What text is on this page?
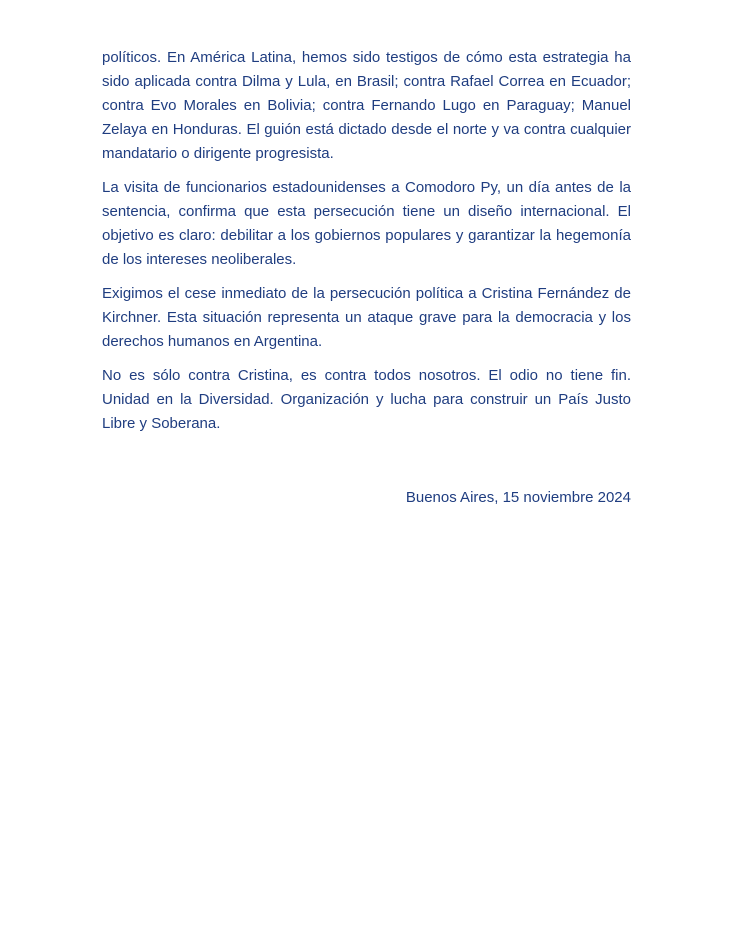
políticos. En América Latina, hemos sido testigos de cómo esta estrategia ha sido aplicada contra Dilma y Lula, en Brasil; contra Rafael Correa en Ecuador; contra Evo Morales en Bolivia; contra Fernando Lugo en Paraguay; Manuel Zelaya en Honduras. El guión está dictado desde el norte y va contra cualquier mandatario o dirigente progresista.

La visita de funcionarios estadounidenses a Comodoro Py, un día antes de la sentencia, confirma que esta persecución tiene un diseño internacional. El objetivo es claro: debilitar a los gobiernos populares y garantizar la hegemonía de los intereses neoliberales.

Exigimos el cese inmediato de la persecución política a Cristina Fernández de Kirchner. Esta situación representa un ataque grave para la democracia y los derechos humanos en Argentina.

No es sólo contra Cristina, es contra todos nosotros. El odio no tiene fin. Unidad en la Diversidad. Organización y lucha para construir un País Justo Libre y Soberana.

Buenos Aires, 15 noviembre 2024
